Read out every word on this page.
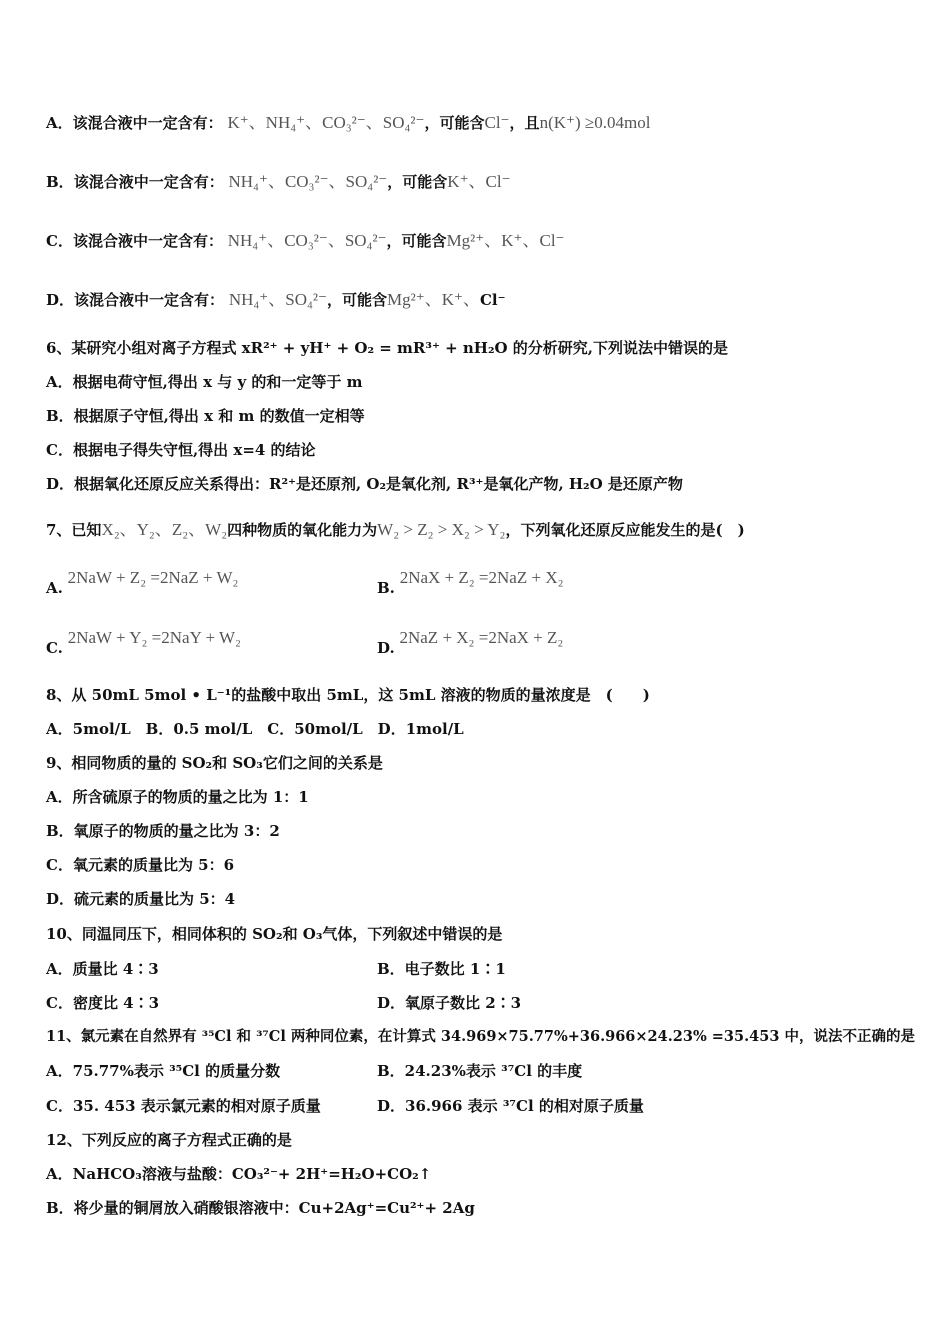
A．该混合液中一定含有： K⁺、NH₄⁺、CO₃²⁻、SO₄²⁻，可能含Cl⁻，且n(K⁺) ≥0.04mol
B．该混合液中一定含有： NH₄⁺、CO₃²⁻、SO₄²⁻，可能含K⁺、Cl⁻
C．该混合液中一定含有： NH₄⁺、CO₃²⁻、SO₄²⁻，可能含Mg²⁺、K⁺、Cl⁻
D．该混合液中一定含有： NH₄⁺、SO₄²⁻，可能含Mg²⁺、K⁺、Cl⁻
6、某研究小组对离子方程式 xR²⁺ + yH⁺ + O₂ = mR³⁺ + nH₂O 的分析研究,下列说法中错误的是
A．根据电荷守恒,得出 x 与 y 的和一定等于 m
B．根据原子守恒,得出 x 和 m 的数值一定相等
C．根据电子得失守恒,得出 x=4 的结论
D．根据氧化还原反应关系得出：R²⁺是还原剂, O₂是氧化剂, R³⁺是氧化产物, H₂O 是还原产物
7、已知X₂、Y₂、Z₂、W₂四种物质的氧化能力为W₂ > Z₂ > X₂ > Y₂，下列氧化还原反应能发生的是(　)
A. 2NaW + Z₂ =2NaZ + W₂
B. 2NaX + Z₂ =2NaZ + X₂
C. 2NaW + Y₂ =2NaY + W₂
D. 2NaZ + X₂ =2NaX + Z₂
8、从 50mL 5mol • L⁻¹的盐酸中取出 5mL，这 5mL 溶液的物质的量浓度是　(　　)
A．5mol/L　B．0.5 mol/L　C．50mol/L　D．1mol/L
9、相同物质的量的 SO₂和 SO₃它们之间的关系是
A．所含硫原子的物质的量之比为 1：1
B．氧原子的物质的量之比为 3：2
C．氧元素的质量比为 5：6
D．硫元素的质量比为 5：4
10、同温同压下，相同体积的 SO₂和 O₃气体，下列叙述中错误的是
A．质量比 4∶3	B．电子数比 1∶1
C．密度比 4∶3	D．氧原子数比 2∶3
11、氯元素在自然界有 ³⁵Cl 和 ³⁷Cl 两种同位素，在计算式 34.969×75.77%+36.966×24.23% =35.453 中，说法不正确的是
A．75.77%表示 ³⁵Cl 的质量分数	B．24.23%表示 ³⁷Cl 的丰度
C．35. 453 表示氯元素的相对原子质量	D．36.966 表示 ³⁷Cl 的相对原子质量
12、下列反应的离子方程式正确的是
A．NaHCO₃溶液与盐酸：CO₃²⁻+ 2H⁺=H₂O+CO₂↑
B．将少量的铜屑放入硝酸银溶液中：Cu+2Ag⁺=Cu²⁺+ 2Ag
